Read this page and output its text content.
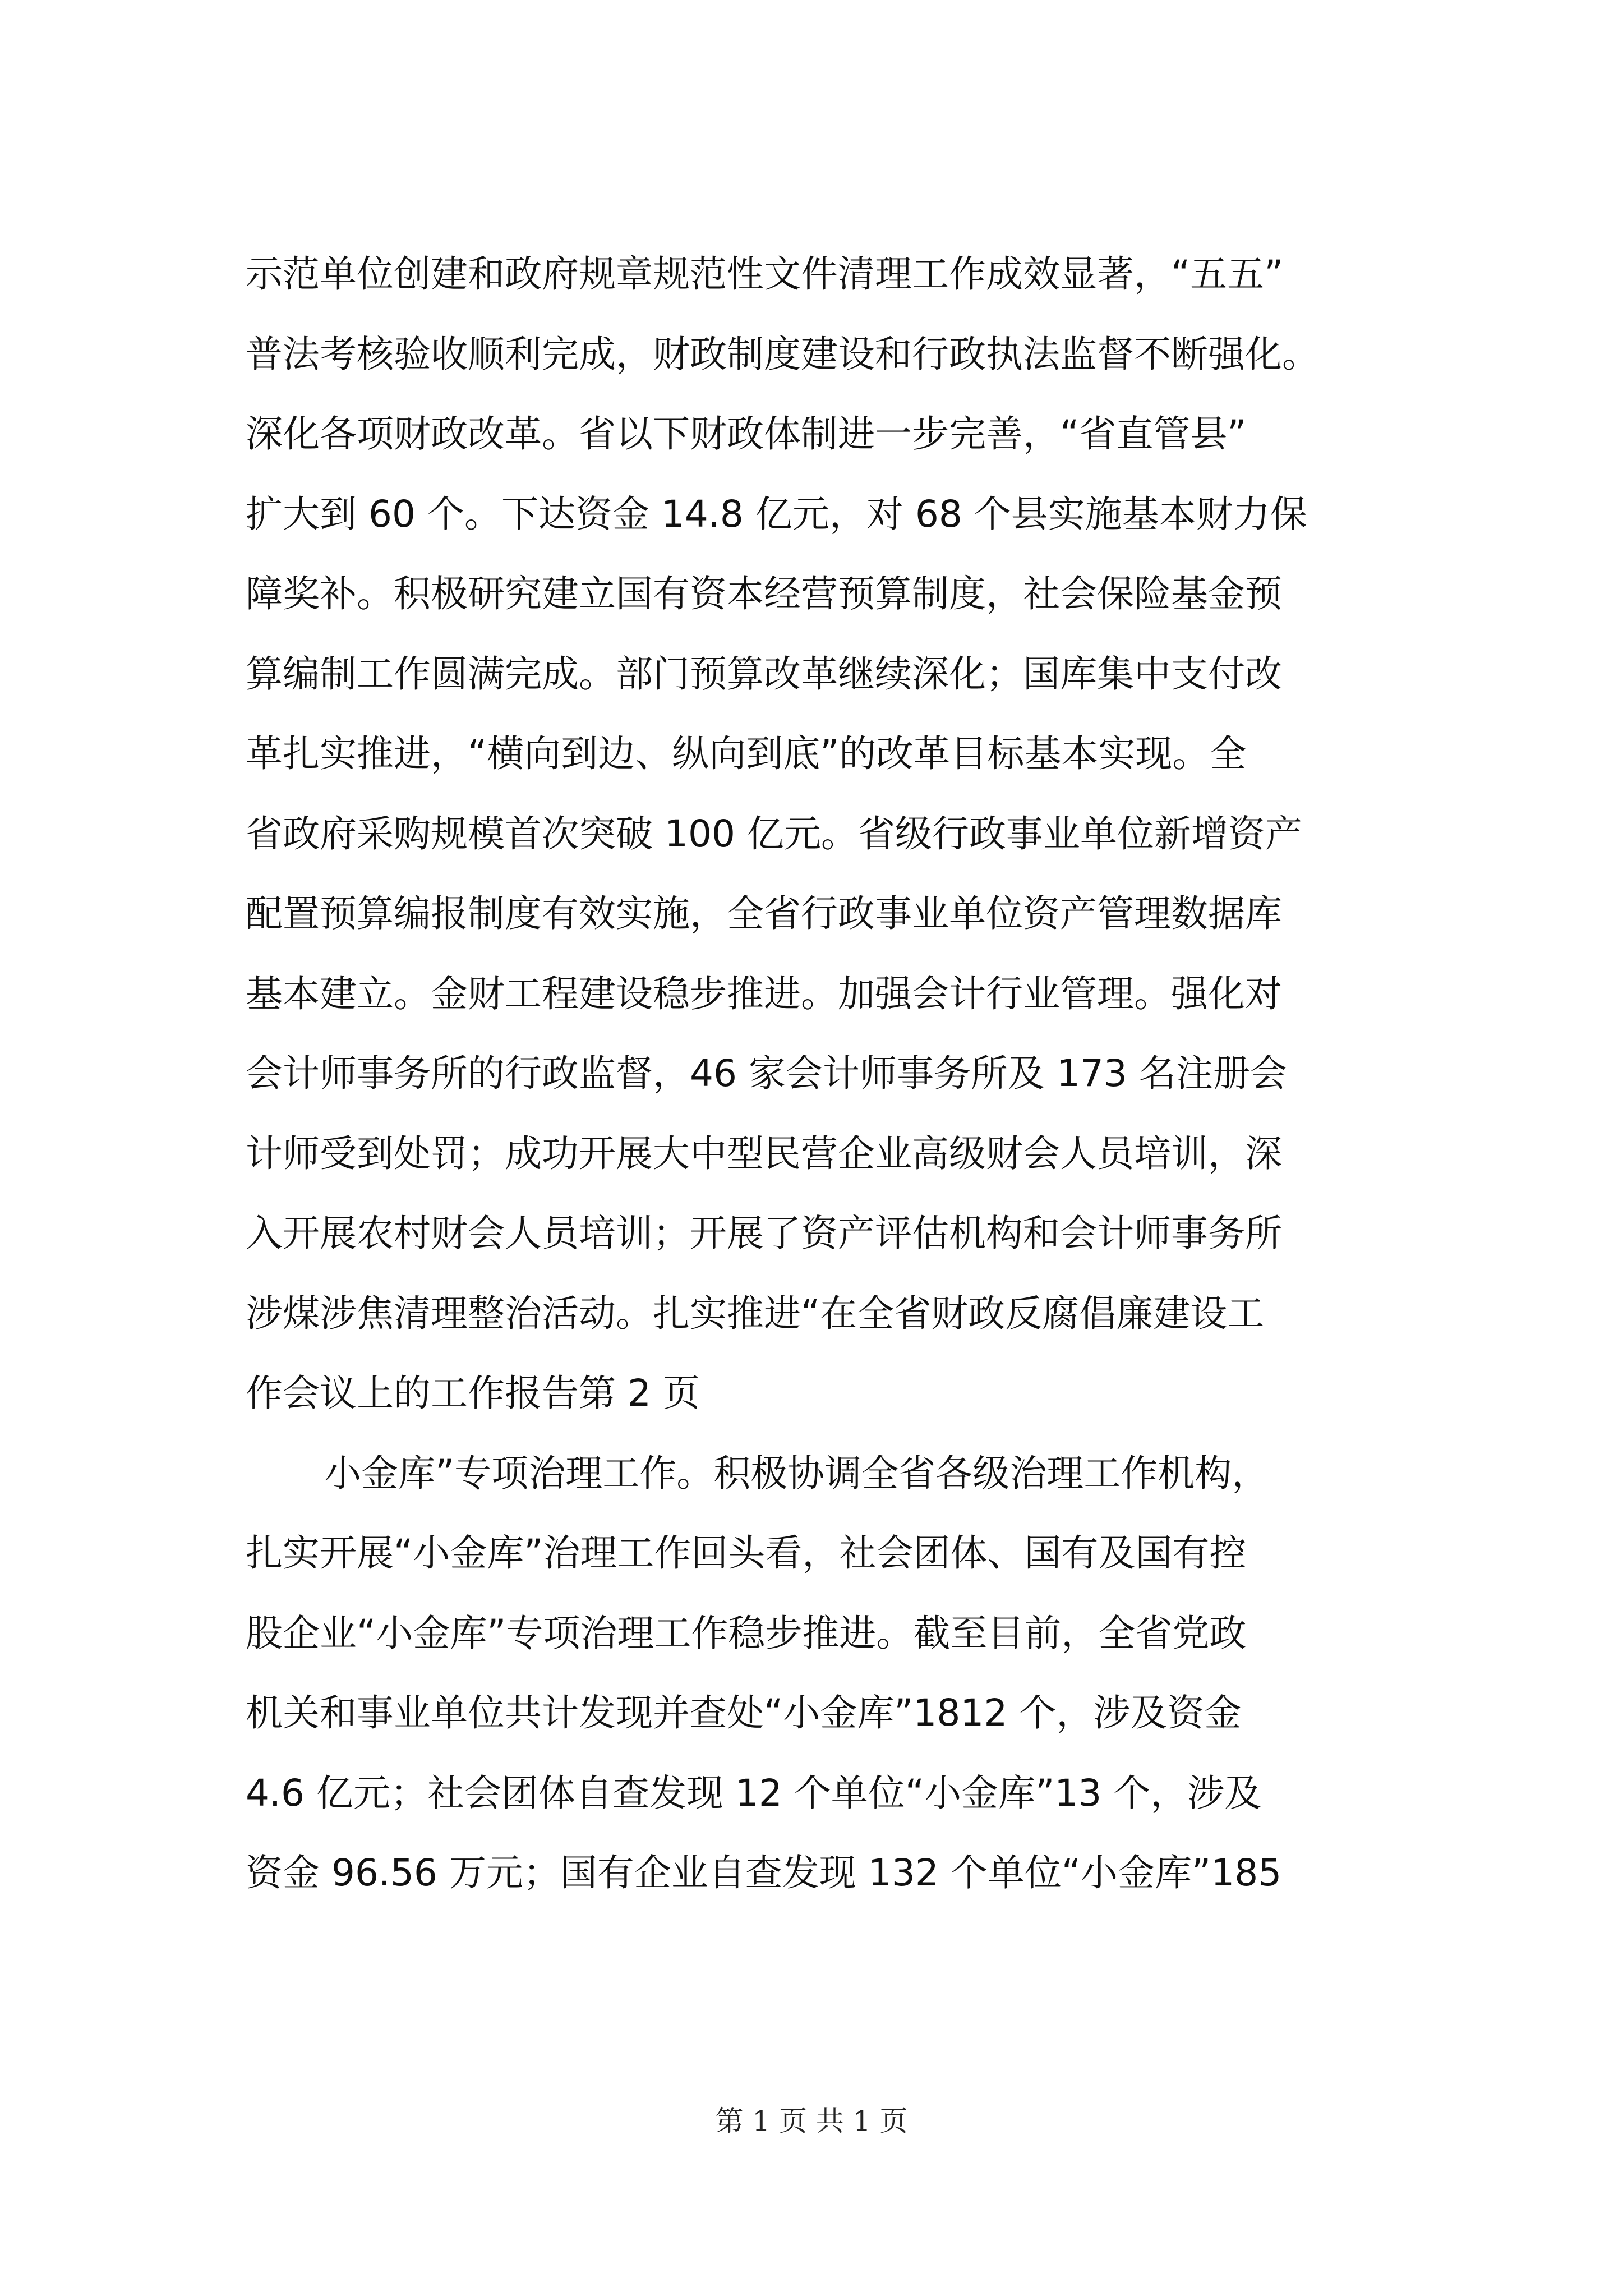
示范单位创建和政府规章规范性文件清理工作成效显著，“五五”
普法考核验收顺利完成，财政制度建设和行政执法监督不断强化。
深化各项财政改革。省以下财政体制进一步完善，“省直管县”
扩大到 60 个。下达资金 14.8 亿元，对 68 个县实施基本财力保
障奖补。积极研究建立国有资本经营预算制度，社会保险基金预
算编制工作圆满完成。部门预算改革继续深化；国库集中支付改
革扎实推进，“横向到边、纵向到底”的改革目标基本实现。全
省政府采购规模首次突破 100 亿元。省级行政事业单位新增资产
配置预算编报制度有效实施，全省行政事业单位资产管理数据库
基本建立。金财工程建设稳步推进。加强会计行业管理。强化对
会计师事务所的行政监督，46 家会计师事务所及 173 名注册会
计师受到处罚；成功开展大中型民营企业高级财会人员培训，深
入开展农村财会人员培训；开展了资产评估机构和会计师事务所
涉煤涉焦清理整治活动。扎实推进“在全省财政反腐倡廉建设工
作会议上的工作报告第 2 页
小金库”专项治理工作。积极协调全省各级治理工作机构，
扎实开展“小金库”治理工作回头看，社会团体、国有及国有控
股企业“小金库”专项治理工作稳步推进。截至目前，全省党政
机关和事业单位共计发现并查处“小金库”1812 个，涉及资金
4.6 亿元；社会团体自查发现 12 个单位“小金库”13 个，涉及
资金 96.56 万元；国有企业自查发现 132 个单位“小金库”185
第 1 页 共 1 页
